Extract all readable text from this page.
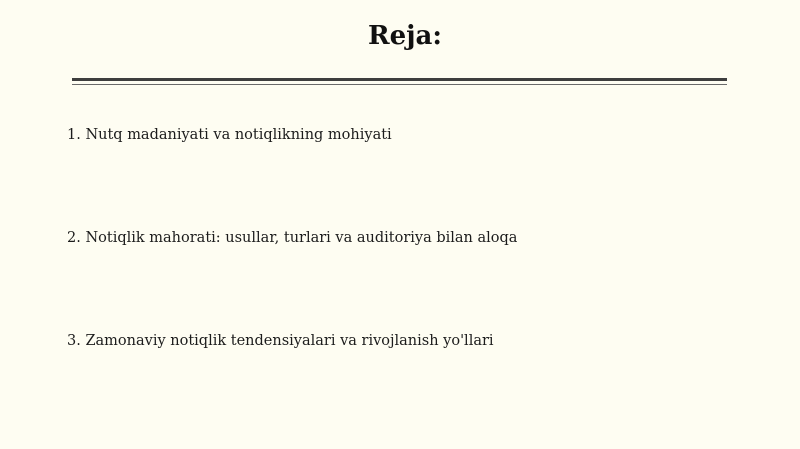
Reja:
1. Nutq madaniyati va notiqlikning mohiyati
2. Notiqlik mahorati: usullar, turlari va auditoriya bilan aloqa
3. Zamonaviy notiqlik tendensiyalari va rivojlanish yo'llari
